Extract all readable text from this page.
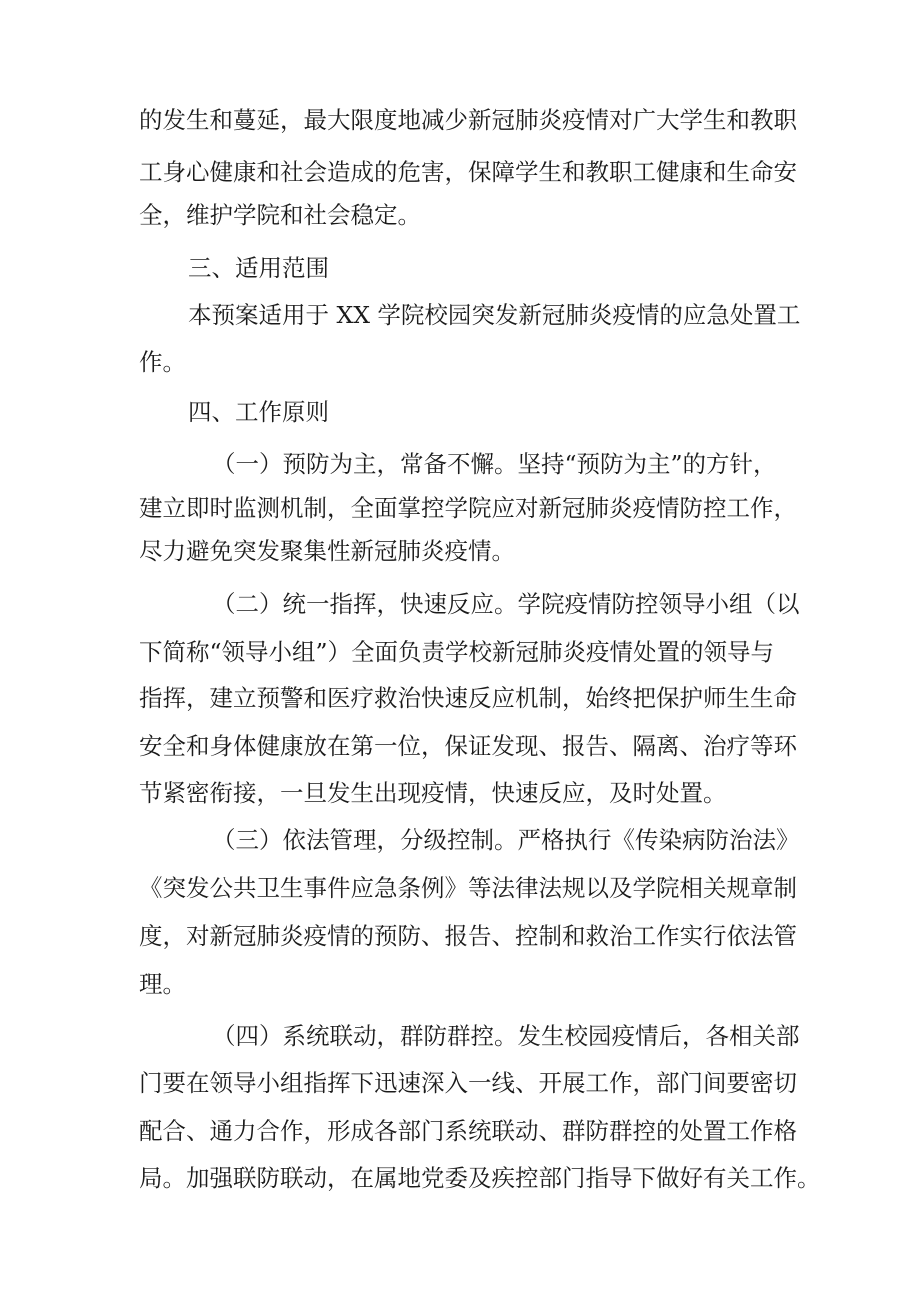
的发生和蔓延，最大限度地减少新冠肺炎疫情对广大学生和教职
工身心健康和社会造成的危害，保障学生和教职工健康和生命安
全，维护学院和社会稳定。
三、适用范围
本预案适用于 XX 学院校园突发新冠肺炎疫情的应急处置工
作。
四、工作原则
（一）预防为主，常备不懈。坚持“预防为主”的方针，
建立即时监测机制，全面掌控学院应对新冠肺炎疫情防控工作，
尽力避免突发聚集性新冠肺炎疫情。
（二）统一指挥，快速反应。学院疫情防控领导小组（以
下简称“领导小组”）全面负责学校新冠肺炎疫情处置的领导与
指挥，建立预警和医疗救治快速反应机制，始终把保护师生生命
安全和身体健康放在第一位，保证发现、报告、隔离、治疗等环
节紧密衔接，一旦发生出现疫情，快速反应，及时处置。
（三）依法管理，分级控制。严格执行《传染病防治法》
《突发公共卫生事件应急条例》等法律法规以及学院相关规章制
度，对新冠肺炎疫情的预防、报告、控制和救治工作实行依法管
理。
（四）系统联动，群防群控。发生校园疫情后，各相关部
门要在领导小组指挥下迅速深入一线、开展工作，部门间要密切
配合、通力合作，形成各部门系统联动、群防群控的处置工作格
局。加强联防联动，在属地党委及疾控部门指导下做好有关工作。
